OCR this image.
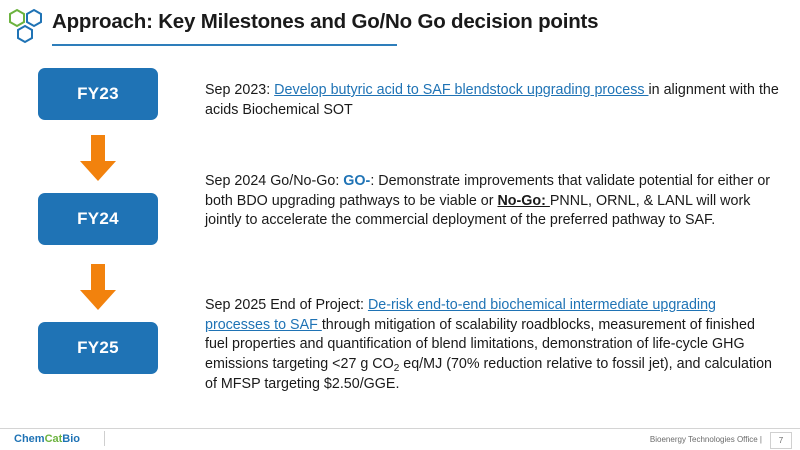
Approach: Key Milestones and Go/No Go decision points
FY23
FY24
FY25
Sep 2023: Develop butyric acid to SAF blendstock upgrading process in alignment with the acids Biochemical SOT
Sep 2024 Go/No-Go: GO-: Demonstrate improvements that validate potential for either or both BDO upgrading pathways to be viable or No-Go: PNNL, ORNL, & LANL will work jointly to accelerate the commercial deployment of the preferred pathway to SAF.
Sep 2025 End of Project: De-risk end-to-end biochemical intermediate upgrading processes to SAF through mitigation of scalability roadblocks, measurement of finished fuel properties and quantification of blend limitations, demonstration of life-cycle GHG emissions targeting <27 g $CO_2$ eq/MJ (70% reduction relative to fossil jet), and calculation of MFSP targeting $2.50/GGE.
ChemCatBio	Bioenergy Technologies Office |	7
